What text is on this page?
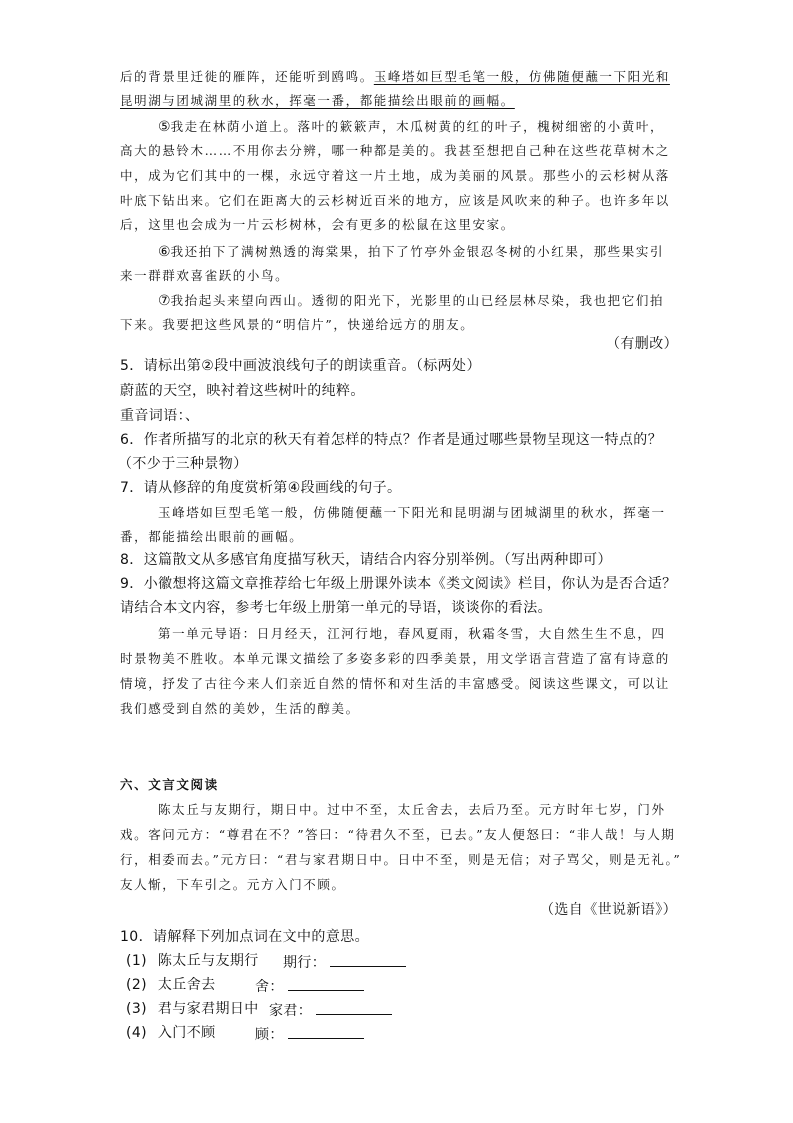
后的背景里迁徙的雁阵，还能听到鸥鸣。玉峰塔如巨型毛笔一般，仿佛随便蘸一下阳光和
昆明湖与团城湖里的秋水，挥毫一番，都能描绘出眼前的画幅。
⑤我走在林荫小道上。落叶的簌簌声，木瓜树黄的红的叶子，槐树细密的小黄叶，
高大的悬铃木……不用你去分辨，哪一种都是美的。我甚至想把自己种在这些花草树木之
中，成为它们其中的一棵，永远守着这一片土地，成为美丽的风景。那些小的云杉树从落
叶底下钻出来。它们在距离大的云杉树近百米的地方，应该是风吹来的种子。也许多年以
后，这里也会成为一片云杉树林，会有更多的松鼠在这里安家。
⑥我还拍下了满树熟透的海棠果，拍下了竹亭外金银忍冬树的小红果，那些果实引
来一群群欢喜雀跃的小鸟。
⑦我抬起头来望向西山。透彻的阳光下，光影里的山已经层林尽染，我也把它们拍
下来。我要把这些风景的“明信片”，快递给远方的朋友。
（有删改）
5．请标出第②段中画波浪线句子的朗读重音。（标两处）
蔚蓝的天空，映衬着这些树叶的纯粹。
重音词语：、
6．作者所描写的北京的秋天有着怎样的特点？作者是通过哪些景物呈现这一特点的？
（不少于三种景物）
7．请从修辞的角度赏析第④段画线的句子。
玉峰塔如巨型毛笔一般，仿佛随便蘸一下阳光和昆明湖与团城湖里的秋水，挥毫一
番，都能描绘出眼前的画幅。
8．这篇散文从多感官角度描写秋天，请结合内容分别举例。（写出两种即可）
9．小徽想将这篇文章推荐给七年级上册课外读本《类文阅读》栏目，你认为是否合适？
请结合本文内容，参考七年级上册第一单元的导语，谈谈你的看法。
第一单元导语：日月经天，江河行地，春风夏雨，秋霜冬雪，大自然生生不息，四
时景物美不胜收。本单元课文描绘了多姿多彩的四季美景，用文学语言营造了富有诗意的
情境，抒发了古往今来人们亲近自然的情怀和对生活的丰富感受。阅读这些课文，可以让
我们感受到自然的美妙，生活的醇美。
六、文言文阅读
陈太丘与友期行，期日中。过中不至，太丘舍去，去后乃至。元方时年七岁，门外
戏。客问元方：“尊君在不？”答曰：“待君久不至，已去。”友人便怒曰：“非人哉！与人期
行，相委而去。”元方曰：“君与家君期日中。日中不至，则是无信；对子骂父，则是无礼。”
友人惭，下车引之。元方入门不顾。
（选自《世说新语》）
10．请解释下列加点词在文中的意思。
(1) 陈太丘与友期行 期行：
(2) 太丘舍去	舍：
(3) 君与家君期日中 家君：
(4) 入门不顾	顾：
